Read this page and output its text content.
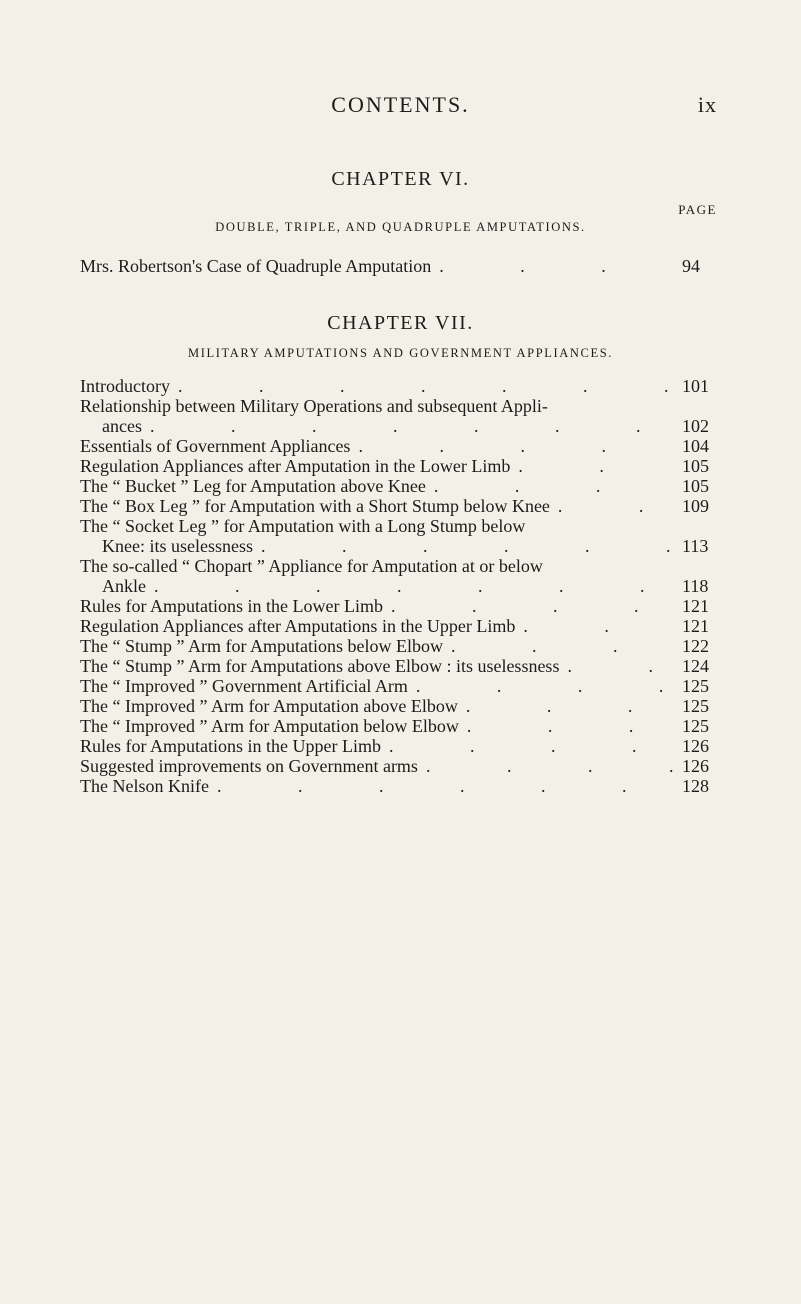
CONTENTS.	ix
CHAPTER VI.
PAGE
DOUBLE, TRIPLE, AND QUADRUPLE AMPUTATIONS.
Mrs. Robertson's Case of Quadruple Amputation .	94
CHAPTER VII.
MILITARY AMPUTATIONS AND GOVERNMENT APPLIANCES.
Introductory .	101
Relationship between Military Operations and subsequent Appli-
ances .	102
Essentials of Government Appliances .	104
Regulation Appliances after Amputation in the Lower Limb .	105
The “ Bucket ” Leg for Amputation above Knee .	105
The “ Box Leg ” for Amputation with a Short Stump below Knee .	109
The “ Socket Leg ” for Amputation with a Long Stump below
Knee: its uselessness .	113
The so-called “ Chopart ” Appliance for Amputation at or below
Ankle .	118
Rules for Amputations in the Lower Limb .	121
Regulation Appliances after Amputations in the Upper Limb .	121
The “ Stump ” Arm for Amputations below Elbow .	122
The “ Stump ” Arm for Amputations above Elbow : its uselessness .	124
The “ Improved ” Government Artificial Arm .	125
The “ Improved ” Arm for Amputation above Elbow .	125
The “ Improved ” Arm for Amputation below Elbow .	125
Rules for Amputations in the Upper Limb .	126
Suggested improvements on Government arms .	126
The Nelson Knife .	128
